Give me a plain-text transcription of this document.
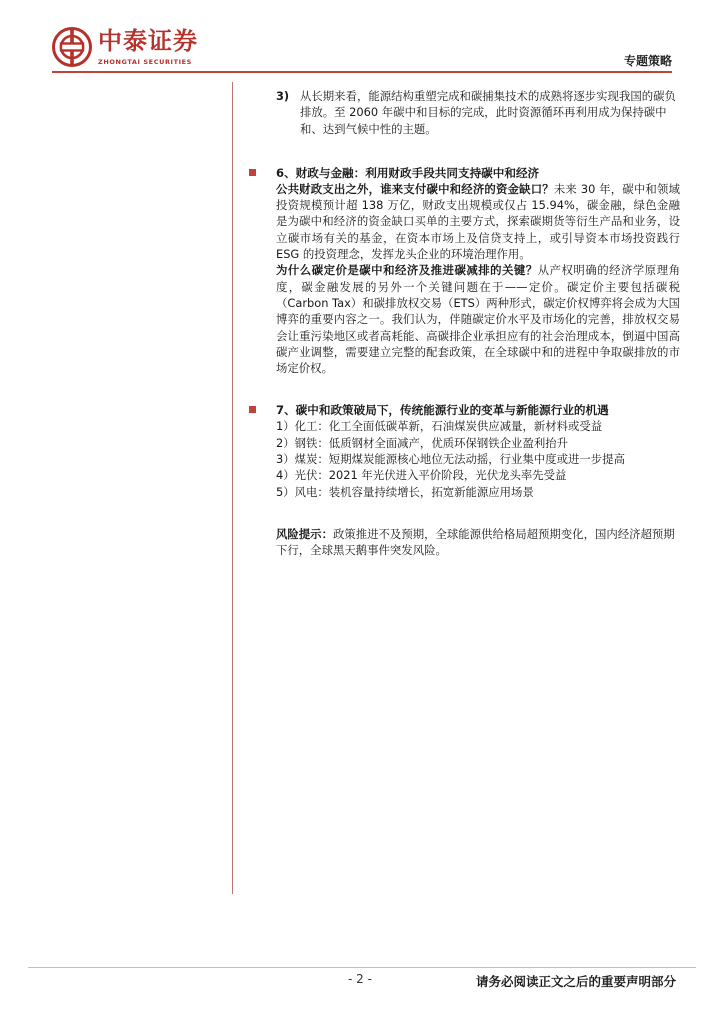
中泰证券
ZHONGTAI SECURITIES	专题策略
3) 从长期来看，能源结构重塑完成和碳捕集技术的成熟将逐步实现我国的碳负排放。至 2060 年碳中和目标的完成，此时资源循环再利用成为保持碳中和、达到气候中性的主题。
6、财政与金融：利用财政手段共同支持碳中和经济
公共财政支出之外，谁来支付碳中和经济的资金缺口？未来 30 年，碳中和领域投资规模预计超 138 万亿，财政支出规模或仅占 15.94%，碳金融，绿色金融是为碳中和经济的资金缺口买单的主要方式，探索碳期货等衍生产品和业务，设立碳市场有关的基金，在资本市场上及信贷支持上，或引导资本市场投资践行 ESG 的投资理念，发挥龙头企业的环境治理作用。
为什么碳定价是碳中和经济及推进碳减排的关键？从产权明确的经济学原理角度，碳金融发展的另外一个关键问题在于——定价。碳定价主要包括碳税（Carbon Tax）和碳排放权交易（ETS）两种形式，碳定价权博弈将会成为大国博弈的重要内容之一。我们认为，伴随碳定价水平及市场化的完善，排放权交易会让重污染地区或者高耗能、高碳排企业承担应有的社会治理成本，倒逼中国高碳产业调整，需要建立完整的配套政策，在全球碳中和的进程中争取碳排放的市场定价权。
7、碳中和政策破局下，传统能源行业的变革与新能源行业的机遇
1）化工：化工全面低碳革新，石油煤炭供应减量，新材料或受益
2）钢铁：低质钢材全面减产，优质环保钢铁企业盈利抬升
3）煤炭：短期煤炭能源核心地位无法动摇，行业集中度或进一步提高
4）光伏：2021 年光伏进入平价阶段，光伏龙头率先受益
5）风电：装机容量持续增长，拓宽新能源应用场景
风险提示：政策推进不及预期，全球能源供给格局超预期变化，国内经济超预期下行，全球黑天鹅事件突发风险。
- 2 -	请务必阅读正文之后的重要声明部分
